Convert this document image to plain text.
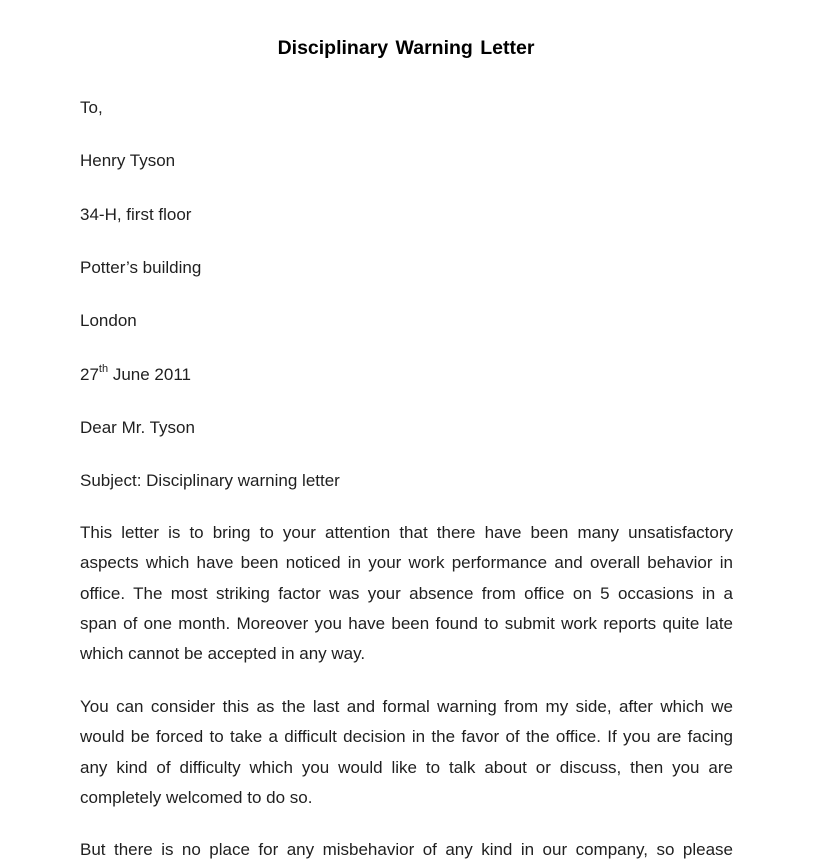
Disciplinary Warning Letter
To,
Henry Tyson
34-H, first floor
Potter’s building
London
27th June 2011
Dear Mr. Tyson
Subject: Disciplinary warning letter
This letter is to bring to your attention that there have been many unsatisfactory
aspects which have been noticed in your work performance and overall behavior in
office. The most striking factor was your absence from office on 5 occasions in a
span of one month. Moreover you have been found to submit work reports quite late
which cannot be accepted in any way.
You can consider this as the last and formal warning from my side, after which we
would be forced to take a difficult decision in the favor of the office. If you are facing
any kind of difficulty which you would like to talk about or discuss, then you are
completely welcomed to do so.
But there is no place for any misbehavior of any kind in our company, so please
